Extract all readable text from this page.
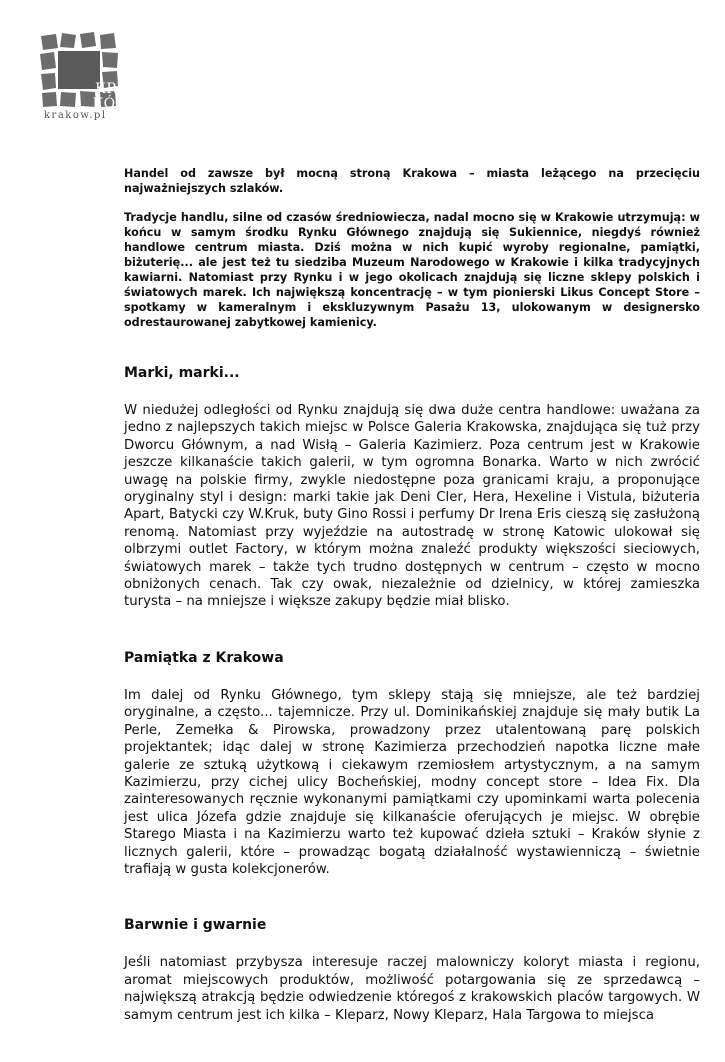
KRA
KÓW
krakow.pl

Handel od zawsze był mocną stroną Krakowa – miasta leżącego na przecięciu najważniejszych szlaków.

Tradycje handlu, silne od czasów średniowiecza, nadal mocno się w Krakowie utrzymują: w końcu w samym środku Rynku Głównego znajdują się Sukiennice, niegdyś również handlowe centrum miasta. Dziś można w nich kupić wyroby regionalne, pamiątki, biżuterię... ale jest też tu siedziba Muzeum Narodowego w Krakowie i kilka tradycyjnych kawiarni. Natomiast przy Rynku i w jego okolicach znajdują się liczne sklepy polskich i światowych marek. Ich największą koncentrację – w tym pionierski Likus Concept Store – spotkamy w kameralnym i ekskluzywnym Pasażu 13, ulokowanym w designersko odrestaurowanej zabytkowej kamienicy.

Marki, marki...

W niedużej odległości od Rynku znajdują się dwa duże centra handlowe: uważana za jedno z najlepszych takich miejsc w Polsce Galeria Krakowska, znajdująca się tuż przy Dworcu Głównym, a nad Wisłą – Galeria Kazimierz. Poza centrum jest w Krakowie jeszcze kilkanaście takich galerii, w tym ogromna Bonarka. Warto w nich zwrócić uwagę na polskie firmy, zwykle niedostępne poza granicami kraju, a proponujące oryginalny styl i design: marki takie jak Deni Cler, Hera, Hexeline i Vistula, biżuteria Apart, Batycki czy W.Kruk, buty Gino Rossi i perfumy Dr Irena Eris cieszą się zasłużoną renomą. Natomiast przy wyjeździe na autostradę w stronę Katowic ulokował się olbrzymi outlet Factory, w którym można znaleźć produkty większości sieciowych, światowych marek – także tych trudno dostępnych w centrum – często w mocno obniżonych cenach. Tak czy owak, niezależnie od dzielnicy, w której zamieszka turysta – na mniejsze i większe zakupy będzie miał blisko.

Pamiątka z Krakowa

Im dalej od Rynku Głównego, tym sklepy stają się mniejsze, ale też bardziej oryginalne, a często... tajemnicze. Przy ul. Dominikańskiej znajduje się mały butik La Perle, Zemełka & Pirowska, prowadzony przez utalentowaną parę polskich projektantek; idąc dalej w stronę Kazimierza przechodzień napotka liczne małe galerie ze sztuką użytkową i ciekawym rzemiosłem artystycznym, a na samym Kazimierzu, przy cichej ulicy Bocheńskiej, modny concept store – Idea Fix. Dla zainteresowanych ręcznie wykonanymi pamiątkami czy upominkami warta polecenia jest ulica Józefa gdzie znajduje się kilkanaście oferujących je miejsc. W obrębie Starego Miasta i na Kazimierzu warto też kupować dzieła sztuki – Kraków słynie z licznych galerii, które – prowadząc bogatą działalność wystawienniczą – świetnie trafiają w gusta kolekcjonerów.

Barwnie i gwarnie

Jeśli natomiast przybysza interesuje raczej malowniczy koloryt miasta i regionu, aromat miejscowych produktów, możliwość potargowania się ze sprzedawcą – największą atrakcją będzie odwiedzenie któregoś z krakowskich placów targowych. W samym centrum jest ich kilka – Kleparz, Nowy Kleparz, Hala Targowa to miejsca
